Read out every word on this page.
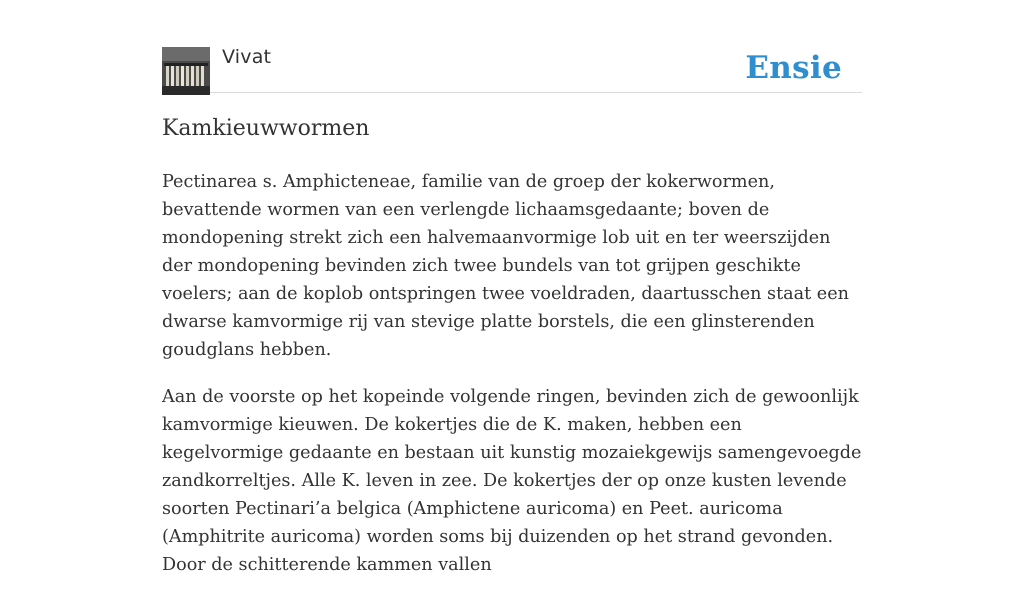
Vivat	Ensie
Kamkieuwwormen

Pectinarea s. Amphicteneae, familie van de groep der kokerwormen, bevattende wormen van een verlengde lichaamsgedaante; boven de mondopening strekt zich een halvemaanvormige lob uit en ter weerszijden der mondopening bevinden zich twee bundels van tot grijpen geschikte voelers; aan de koplob ontspringen twee voeldraden, daartusschen staat een dwarse kamvormige rij van stevige platte borstels, die een glinsterenden goudglans hebben.

Aan de voorste op het kopeinde volgende ringen, bevinden zich de gewoonlijk kamvormige kieuwen. De kokertjes die de K. maken, hebben een kegelvormige gedaante en bestaan uit kunstig mozaiekgewijs samengevoegde zandkorreltjes. Alle K. leven in zee. De kokertjes der op onze kusten levende soorten Pectinari’a belgica (Amphictene auricoma) en Peet. auricoma (Amphitrite auricoma) worden soms bij duizenden op het strand gevonden. Door de schitterende kammen vallen
